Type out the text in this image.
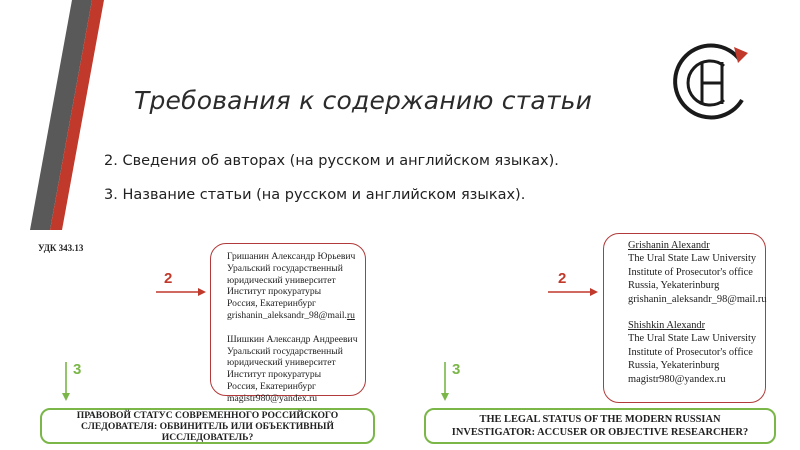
Требования к содержанию статьи
2. Сведения об авторах (на русском и английском языках).
3. Название статьи (на русском и английском языках).
УДК 343.13
2	2
3	3
Гришанин Александр Юрьевич
Уральский государственный
юридический университет
Институт прокуратуры
Россия, Екатеринбург
grishanin_aleksandr_98@mail.ru
Шишкин Александр Андреевич
Уральский государственный
юридический университет
Институт прокуратуры
Россия, Екатеринбург
magistr980@yandex.ru
Grishanin Alexandr
The Ural State Law University
Institute of Prosecutor's office
Russia, Yekaterinburg
grishanin_aleksandr_98@mail.ru
Shishkin Alexandr
The Ural State Law University
Institute of Prosecutor's office
Russia, Yekaterinburg
magistr980@yandex.ru
ПРАВОВОЙ СТАТУС СОВРЕМЕННОГО РОССИЙСКОГО СЛЕДОВАТЕЛЯ: ОБВИНИТЕЛЬ ИЛИ ОБЪЕКТИВНЫЙ ИССЛЕДОВАТЕЛЬ?
THE LEGAL STATUS OF THE MODERN RUSSIAN INVESTIGATOR: ACCUSER OR OBJECTIVE RESEARCHER?
